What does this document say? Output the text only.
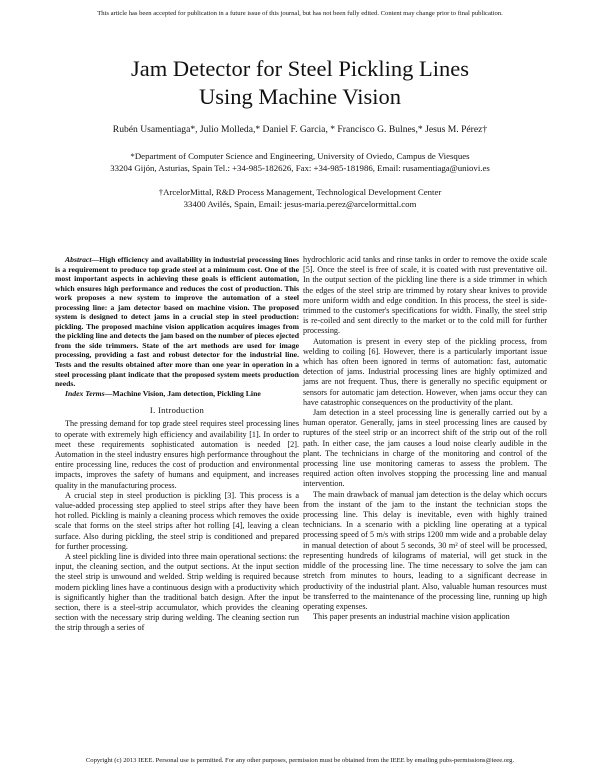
This article has been accepted for publication in a future issue of this journal, but has not been fully edited. Content may change prior to final publication.
Jam Detector for Steel Pickling Lines
Using Machine Vision
Rubén Usamentiaga*, Julio Molleda,* Daniel F. Garcia, * Francisco G. Bulnes,* Jesus M. Pérez†
*Department of Computer Science and Engineering, University of Oviedo, Campus de Viesques
33204 Gijón, Asturias, Spain Tel.: +34-985-182626, Fax: +34-985-181986, Email: rusamentiaga@uniovi.es
†ArcelorMittal, R&D Process Management, Technological Development Center
33400 Avilés, Spain, Email: jesus-maria.perez@arcelormittal.com

Abstract—High efficiency and availability in industrial processing lines is a requirement to produce top grade steel at a minimum cost. One of the most important aspects in achieving these goals is efficient automation, which ensures high performance and reduces the cost of production. This work proposes a new system to improve the automation of a steel processing line: a jam detector based on machine vision. The proposed system is designed to detect jams in a crucial step in steel production: pickling. The proposed machine vision application acquires images from the pickling line and detects the jam based on the number of pieces ejected from the side trimmers. State of the art methods are used for image processing, providing a fast and robust detector for the industrial line. Tests and the results obtained after more than one year in operation in a steel processing plant indicate that the proposed system meets production needs.

Index Terms—Machine Vision, Jam detection, Pickling Line

I. Introduction

The pressing demand for top grade steel requires steel processing lines to operate with extremely high efficiency and availability [1]. In order to meet these requirements sophisticated automation is needed [2]. Automation in the steel industry ensures high performance throughout the entire processing line, reduces the cost of production and environmental impacts, improves the safety of humans and equipment, and increases quality in the manufacturing process.

A crucial step in steel production is pickling [3]. This process is a value-added processing step applied to steel strips after they have been hot rolled. Pickling is mainly a cleaning process which removes the oxide scale that forms on the steel strips after hot rolling [4], leaving a clean surface. Also during pickling, the steel strip is conditioned and prepared for further processing.

A steel pickling line is divided into three main operational sections: the input, the cleaning section, and the output sections. At the input section the steel strip is unwound and welded. Strip welding is required because modern pickling lines have a continuous design with a productivity which is significantly higher than the traditional batch design. After the input section, there is a steel-strip accumulator, which provides the cleaning section with the necessary strip during welding. The cleaning section run the strip through a series of

hydrochloric acid tanks and rinse tanks in order to remove the oxide scale [5]. Once the steel is free of scale, it is coated with rust preventative oil. In the output section of the pickling line there is a side trimmer in which the edges of the steel strip are trimmed by rotary shear knives to provide more uniform width and edge condition. In this process, the steel is side-trimmed to the customer's specifications for width. Finally, the steel strip is re-coiled and sent directly to the market or to the cold mill for further processing.

Automation is present in every step of the pickling process, from welding to coiling [6]. However, there is a particularly important issue which has often been ignored in terms of automation: fast, automatic detection of jams. Industrial processing lines are highly optimized and jams are not frequent. Thus, there is generally no specific equipment or sensors for automatic jam detection. However, when jams occur they can have catastrophic consequences on the productivity of the plant.

Jam detection in a steel processing line is generally carried out by a human operator. Generally, jams in steel processing lines are caused by ruptures of the steel strip or an incorrect shift of the strip out of the roll path. In either case, the jam causes a loud noise clearly audible in the plant. The technicians in charge of the monitoring and control of the processing line use monitoring cameras to assess the problem. The required action often involves stopping the processing line and manual intervention.

The main drawback of manual jam detection is the delay which occurs from the instant of the jam to the instant the technician stops the processing line. This delay is inevitable, even with highly trained technicians. In a scenario with a pickling line operating at a typical processing speed of 5 m/s with strips 1200 mm wide and a probable delay in manual detection of about 5 seconds, 30 m² of steel will be processed, representing hundreds of kilograms of material, will get stuck in the middle of the processing line. The time necessary to solve the jam can stretch from minutes to hours, leading to a significant decrease in productivity of the industrial plant. Also, valuable human resources must be transferred to the maintenance of the processing line, running up high operating expenses.

This paper presents an industrial machine vision application

Copyright (c) 2013 IEEE. Personal use is permitted. For any other purposes, permission must be obtained from the IEEE by emailing pubs-permissions@ieee.org.
